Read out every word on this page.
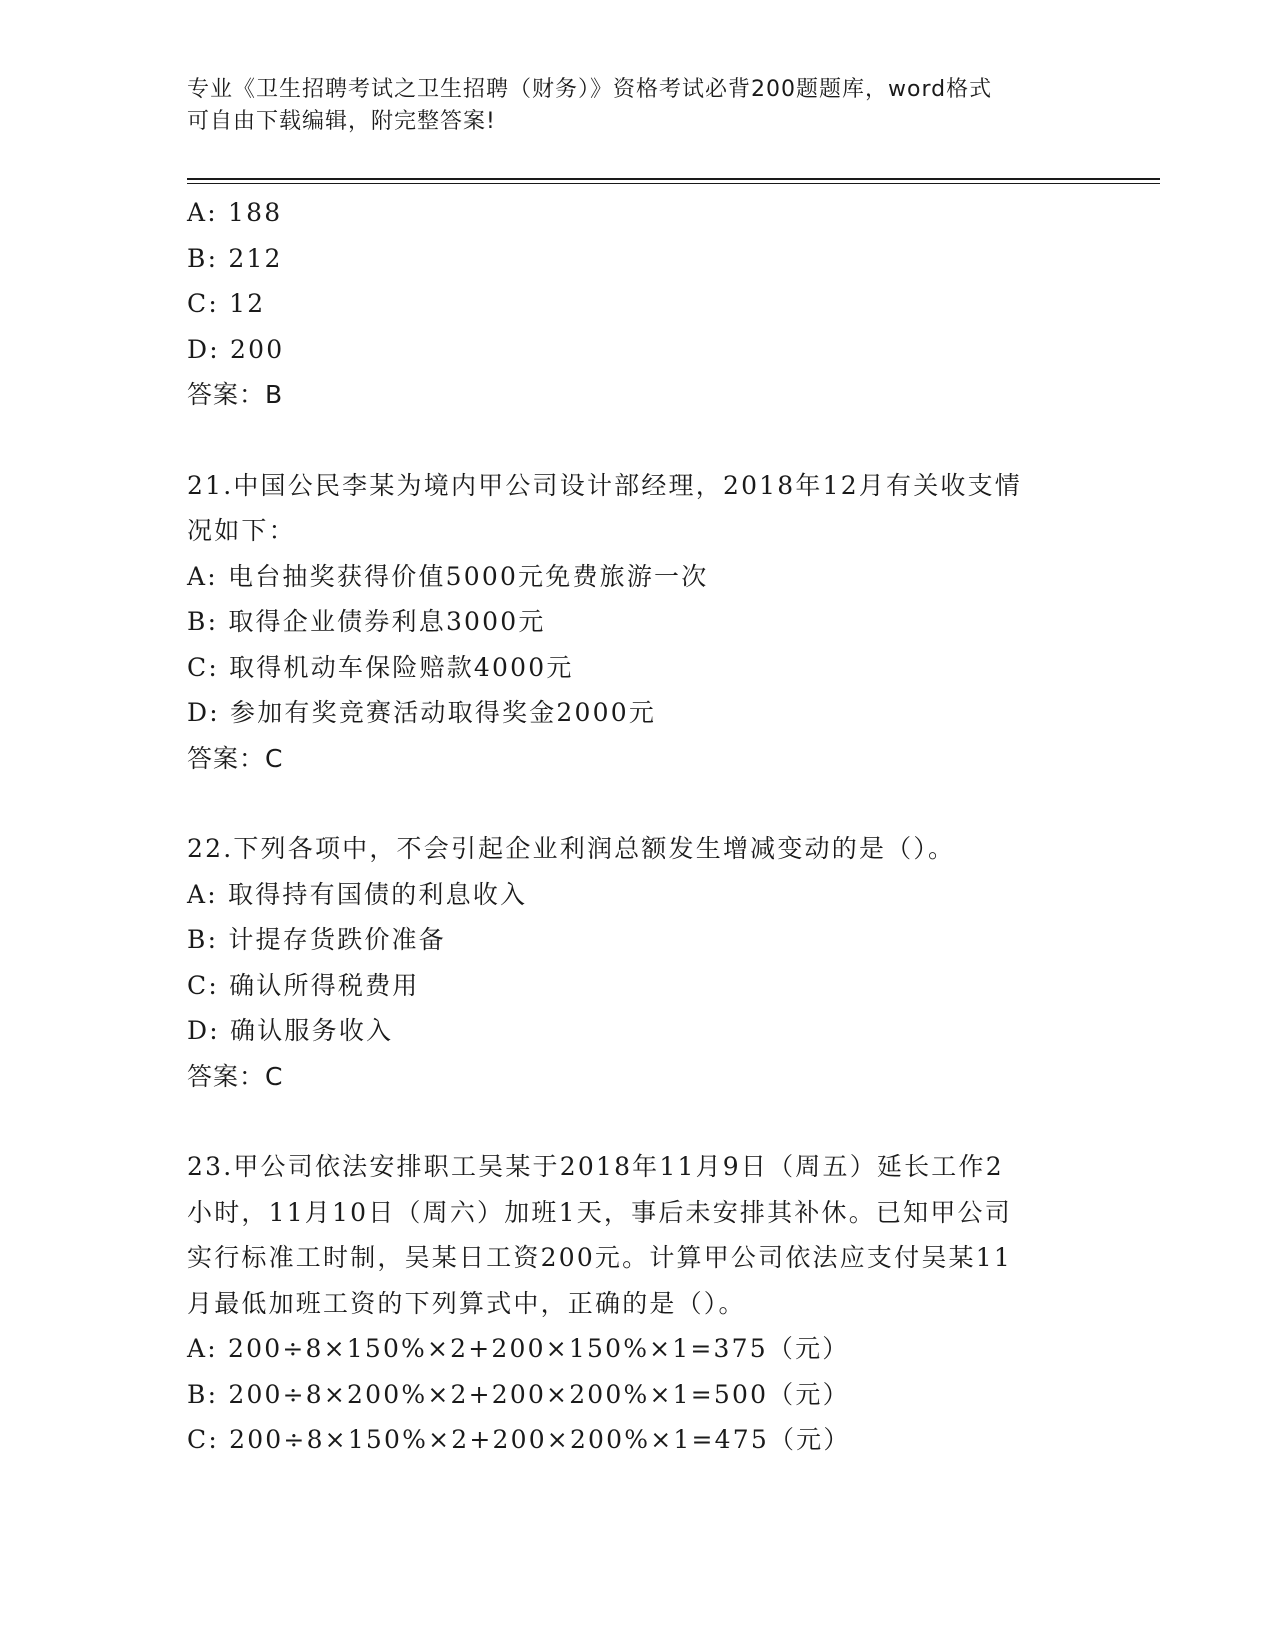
专业《卫生招聘考试之卫生招聘（财务）》资格考试必背200题题库，word格式
可自由下载编辑，附完整答案!
A: 188
B: 212
C: 12
D: 200
答案：B
21.中国公民李某为境内甲公司设计部经理，2018年12月有关收支情
况如下：
A: 电台抽奖获得价值5000元免费旅游一次
B: 取得企业债券利息3000元
C: 取得机动车保险赔款4000元
D: 参加有奖竞赛活动取得奖金2000元
答案：C
22.下列各项中，不会引起企业利润总额发生增减变动的是（）。
A: 取得持有国债的利息收入
B: 计提存货跌价准备
C: 确认所得税费用
D: 确认服务收入
答案：C
23.甲公司依法安排职工吴某于2018年11月9日（周五）延长工作2
小时，11月10日（周六）加班1天，事后未安排其补休。已知甲公司
实行标准工时制，吴某日工资200元。计算甲公司依法应支付吴某11
月最低加班工资的下列算式中，正确的是（）。
A: 200÷8×150%×2+200×150%×1=375（元）
B: 200÷8×200%×2+200×200%×1=500（元）
C: 200÷8×150%×2+200×200%×1=475（元）
